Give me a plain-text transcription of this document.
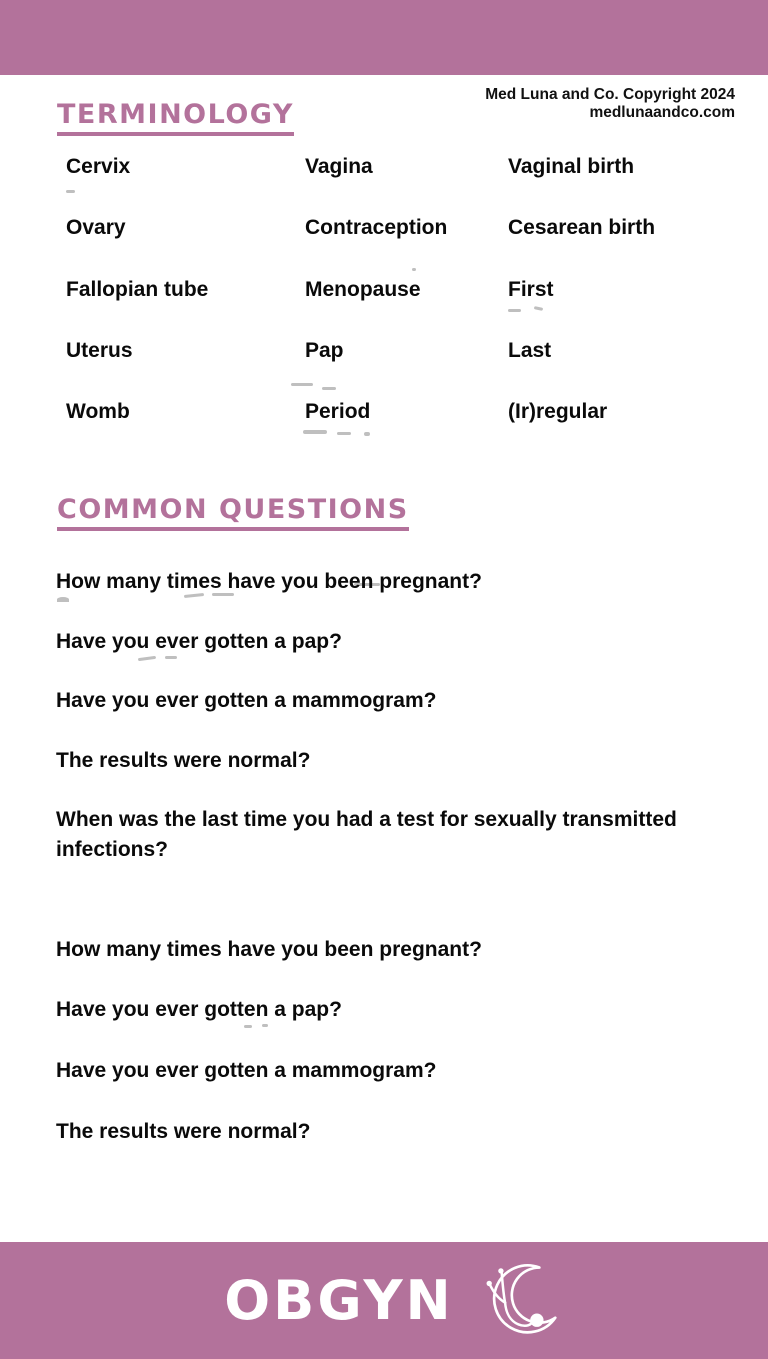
Med Luna and Co. Copyright 2024
medlunaandco.com
TERMINOLOGY
Cervix	Vagina	Vaginal birth
Ovary	Contraception	Cesarean birth
Fallopian tube	Menopause	First
Uterus	Pap	Last
Womb	Period	(Ir)regular
COMMON QUESTIONS

How many times have you been pregnant?

Have you ever gotten a pap?

Have you ever gotten a mammogram?

The results were normal?

When was the last time you had a test for sexually transmitted infections?

How many times have you been pregnant?

Have you ever gotten a pap?

Have you ever gotten a mammogram?

The results were normal?

OBGYN
